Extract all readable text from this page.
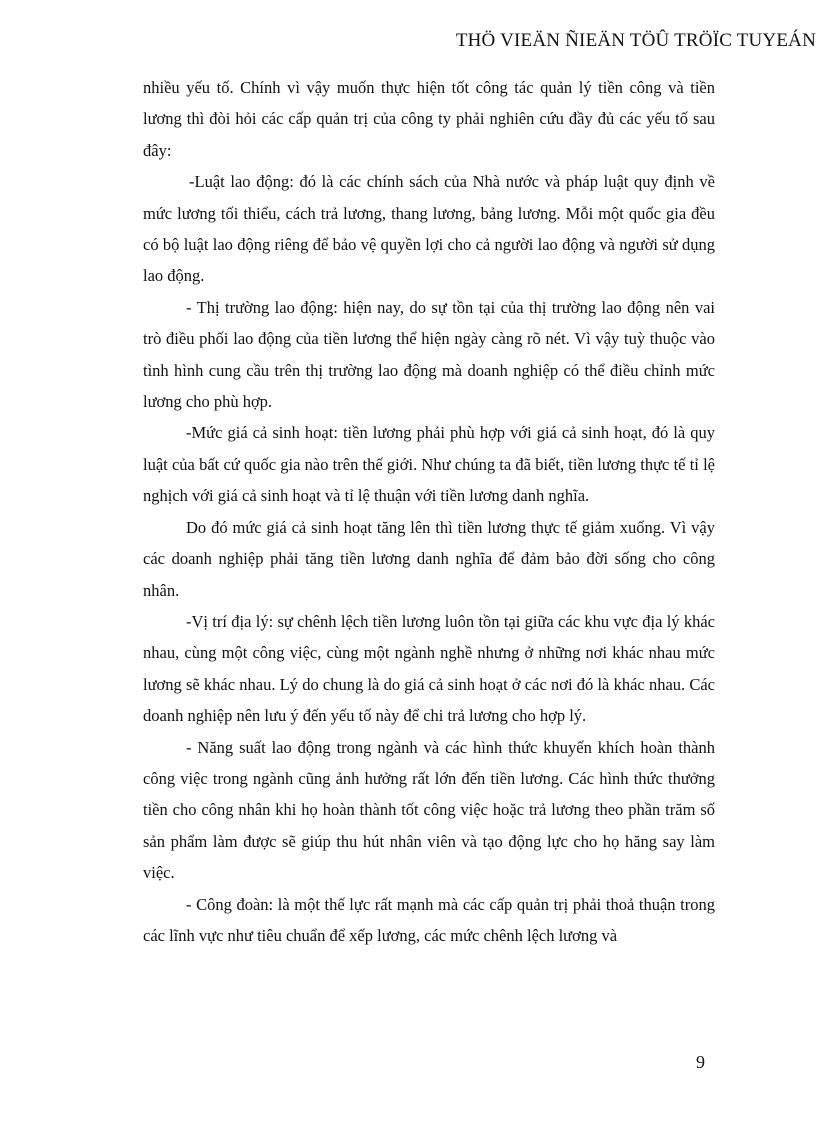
THÖ VIEÄN ÑIEÄN TÖÛ TRÖÏC TUYEÁN

nhiều yếu tố. Chính vì vậy muốn thực hiện tốt công tác quản lý tiền công và tiền lương thì đòi hỏi các cấp quản trị của công ty phải nghiên cứu đầy đủ các yếu tố sau đây:

-Luật lao động: đó là các chính sách của Nhà nước và pháp luật quy định về mức lương tối thiểu, cách trả lương, thang lương, bảng lương. Mỗi một quốc gia đều có bộ luật lao động riêng để bảo vệ quyền lợi cho cả người lao động và người sử dụng lao động.

- Thị trường lao động: hiện nay, do sự tồn tại của thị trường lao động nên vai trò điều phối lao động của tiền lương thể hiện ngày càng rõ nét. Vì vậy tuỳ thuộc vào tình hình cung cầu trên thị trường lao động mà doanh nghiệp có thể điều chỉnh mức lương cho phù hợp.

-Mức giá cả sinh hoạt: tiền lương phải phù hợp với giá cả sinh hoạt, đó là quy luật của bất cứ quốc gia nào trên thế giới. Như chúng ta đã biết, tiền lương thực tế tỉ lệ nghịch với giá cả sinh hoạt và tỉ lệ thuận với tiền lương danh nghĩa.

Do đó mức giá cả sinh hoạt tăng lên thì tiền lương thực tế giảm xuống. Vì vậy các doanh nghiệp phải tăng tiền lương danh nghĩa để đảm bảo đời sống cho công nhân.

-Vị trí địa lý: sự chênh lệch tiền lương luôn tồn tại giữa các khu vực địa lý khác nhau, cùng một công việc, cùng một ngành nghề nhưng ở những nơi khác nhau mức lương sẽ khác nhau. Lý do chung là do giá cả sinh hoạt ở các nơi đó là khác nhau. Các doanh nghiệp nên lưu ý đến yếu tố này để chi trả lương cho hợp lý.

- Năng suất lao động trong ngành và các hình thức khuyến khích hoàn thành công việc trong ngành cũng ảnh hưởng rất lớn đến tiền lương. Các hình thức thưởng tiền cho công nhân khi họ hoàn thành tốt công việc hoặc trả lương theo phần trăm số sản phẩm làm được sẽ giúp thu hút nhân viên và tạo động lực cho họ hăng say làm việc.

- Công đoàn: là một thế lực rất mạnh mà các cấp quản trị phải thoả thuận trong các lĩnh vực như tiêu chuẩn để xếp lương, các mức chênh lệch lương và

9
